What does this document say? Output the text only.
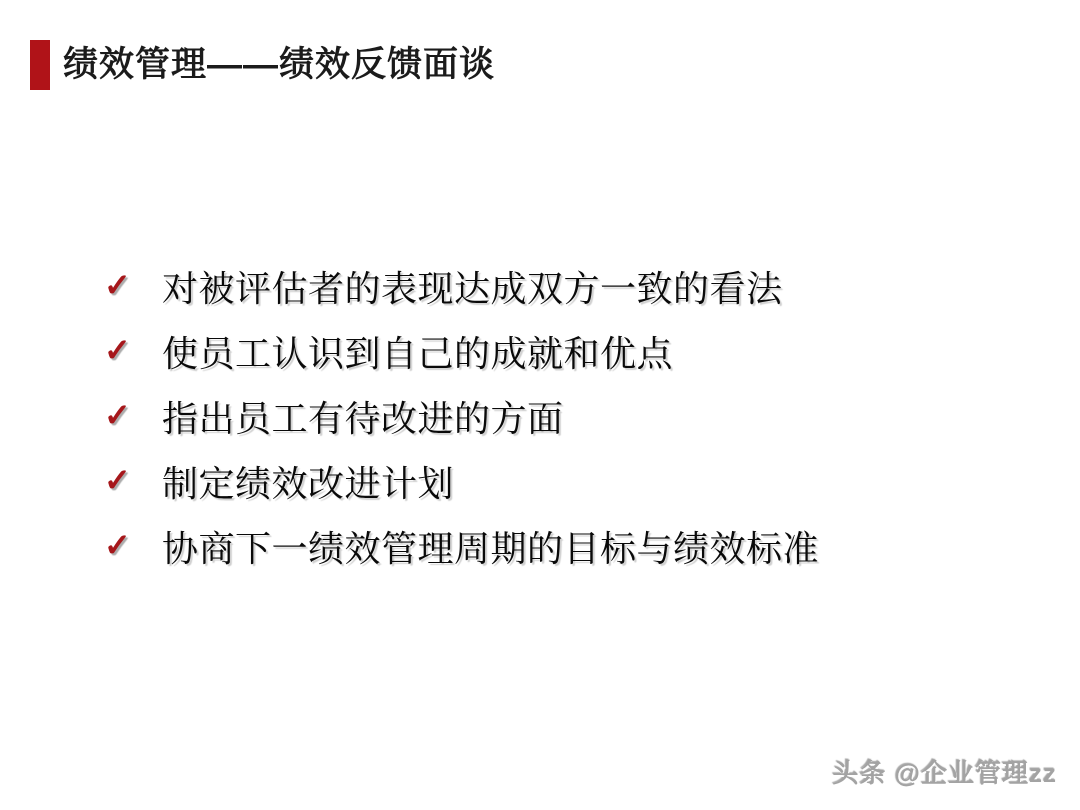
绩效管理——绩效反馈面谈
✓ 对被评估者的表现达成双方一致的看法
✓ 使员工认识到自己的成就和优点
✓ 指出员工有待改进的方面
✓ 制定绩效改进计划
✓ 协商下一绩效管理周期的目标与绩效标准
头条 @企业管理zz
